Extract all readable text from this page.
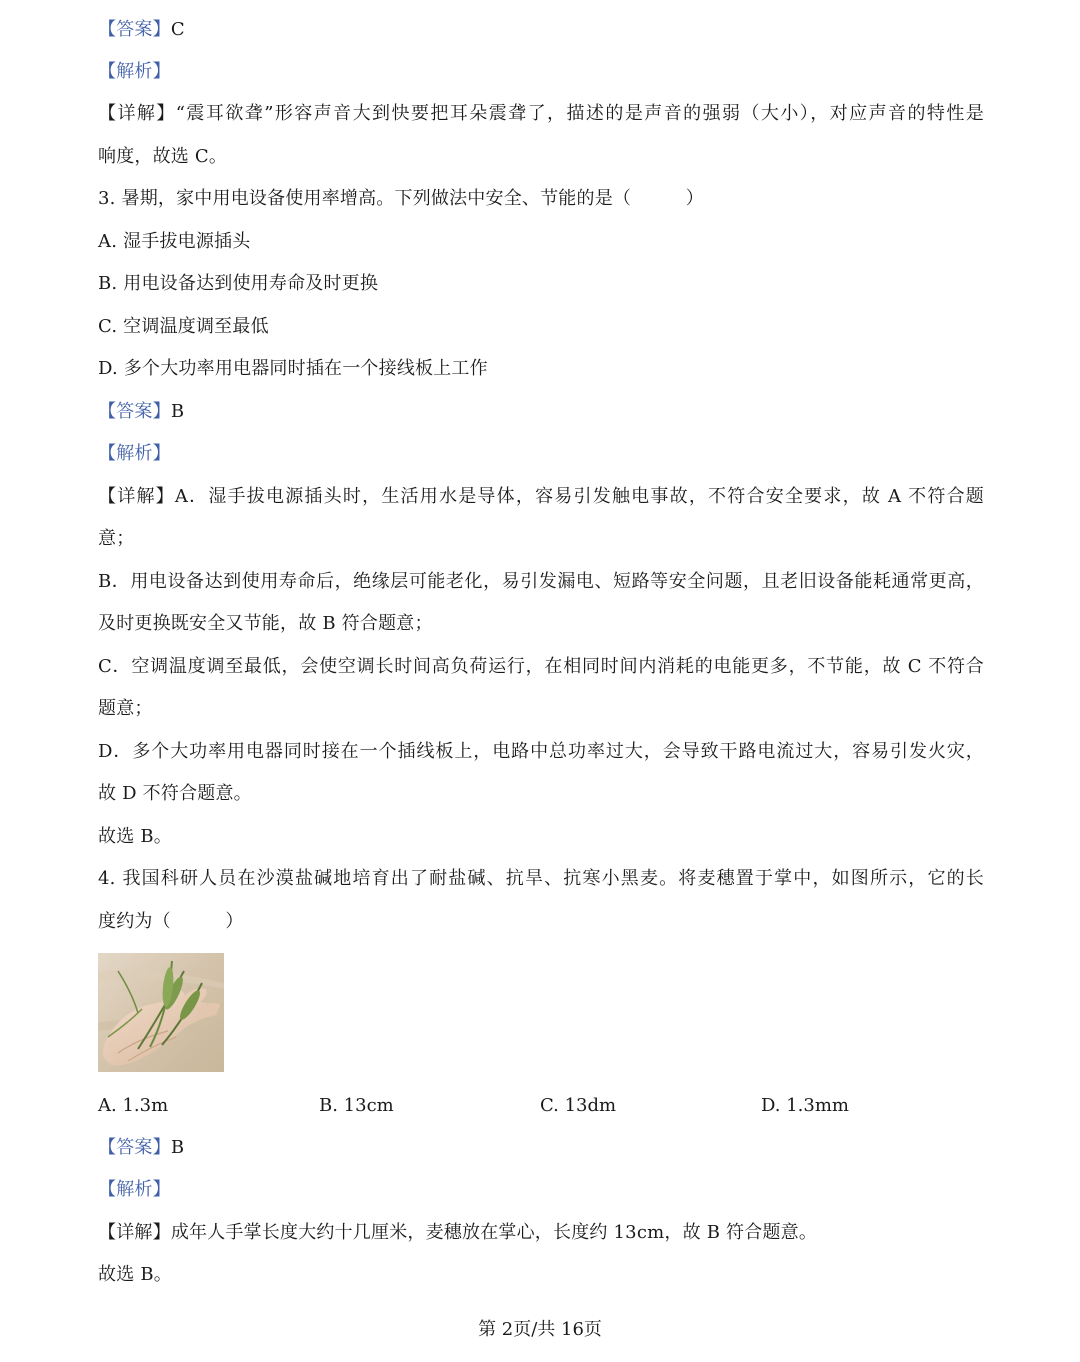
【答案】C
【解析】
【详解】“震耳欲聋”形容声音大到快要把耳朵震聋了，描述的是声音的强弱（大小），对应声音的特性是
响度，故选 C。
3. 暑期，家中用电设备使用率增高。下列做法中安全、节能的是（　　　）
A. 湿手拔电源插头
B. 用电设备达到使用寿命及时更换
C. 空调温度调至最低
D. 多个大功率用电器同时插在一个接线板上工作
【答案】B
【解析】
【详解】A．湿手拔电源插头时，生活用水是导体，容易引发触电事故，不符合安全要求，故 A 不符合题
意；
B．用电设备达到使用寿命后，绝缘层可能老化，易引发漏电、短路等安全问题，且老旧设备能耗通常更高，
及时更换既安全又节能，故 B 符合题意；
C．空调温度调至最低，会使空调长时间高负荷运行，在相同时间内消耗的电能更多，不节能，故 C 不符合
题意；
D．多个大功率用电器同时接在一个插线板上，电路中总功率过大，会导致干路电流过大，容易引发火灾，
故 D 不符合题意。
故选 B。
4. 我国科研人员在沙漠盐碱地培育出了耐盐碱、抗旱、抗寒小黑麦。将麦穗置于掌中，如图所示，它的长
度约为（　　　）
A. 1.3m	B. 13cm	C. 13dm	D. 1.3mm
【答案】B
【解析】
【详解】成年人手掌长度大约十几厘米，麦穗放在掌心，长度约 13cm，故 B 符合题意。
故选 B。
第 2页/共 16页
